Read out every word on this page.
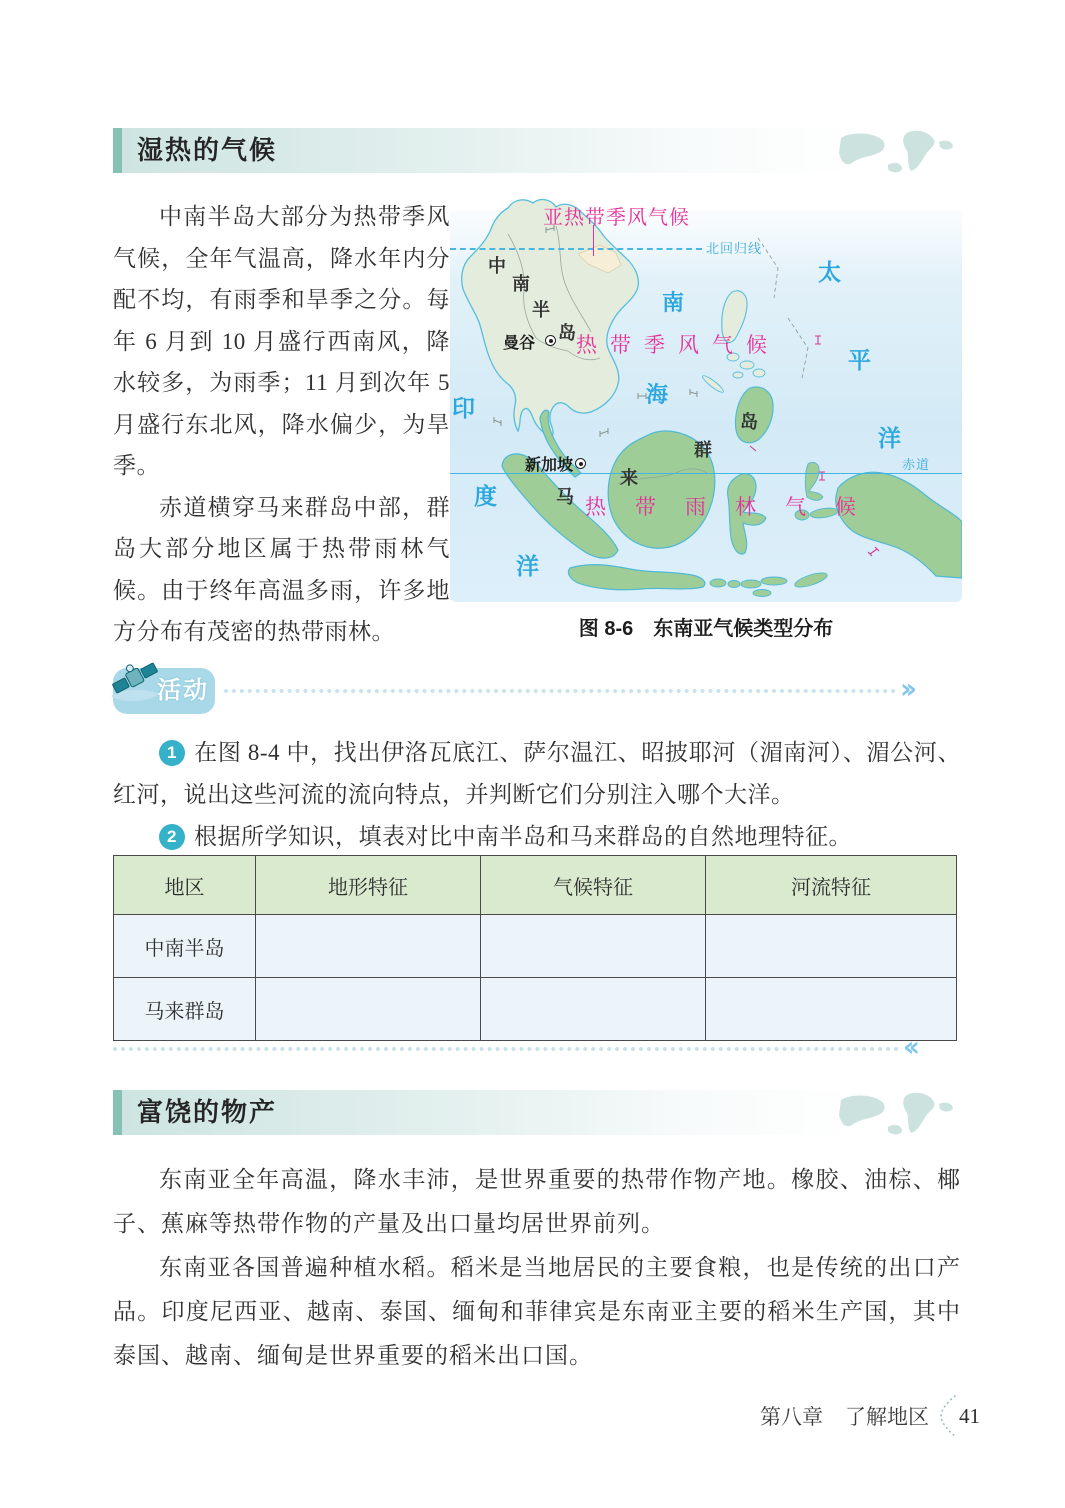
湿热的气候

中南半岛大部分为热带季风气候，全年气温高，降水年内分配不均，有雨季和旱季之分。每年 6 月到 10 月盛行西南风，降水较多，为雨季；11 月到次年 5 月盛行东北风，降水偏少，为旱季。

赤道横穿马来群岛中部，群岛大部分地区属于热带雨林气候。由于终年高温多雨，许多地方分布有茂密的热带雨林。

北回归线
赤道
亚热带季风气候
热带季风气候
热带雨林气候
中
南
半
岛
马
来
群
岛
南
海
太
平
洋
印
度
洋
曼谷
新加坡
图 8-6　东南亚气候类型分布
活动	››
1 在图 8-4 中，找出伊洛瓦底江、萨尔温江、昭披耶河（湄南河）、湄公河、红河，说出这些河流的流向特点，并判断它们分别注入哪个大洋。
2 根据所学知识，填表对比中南半岛和马来群岛的自然地理特征。
地区	地形特征	气候特征	河流特征
中南半岛			
马来群岛			
‹‹
富饶的物产

东南亚全年高温，降水丰沛，是世界重要的热带作物产地。橡胶、油棕、椰子、蕉麻等热带作物的产量及出口量均居世界前列。

东南亚各国普遍种植水稻。稻米是当地居民的主要食粮，也是传统的出口产品。印度尼西亚、越南、泰国、缅甸和菲律宾是东南亚主要的稻米生产国，其中泰国、越南、缅甸是世界重要的稻米出口国。

第八章 了解地区 41
